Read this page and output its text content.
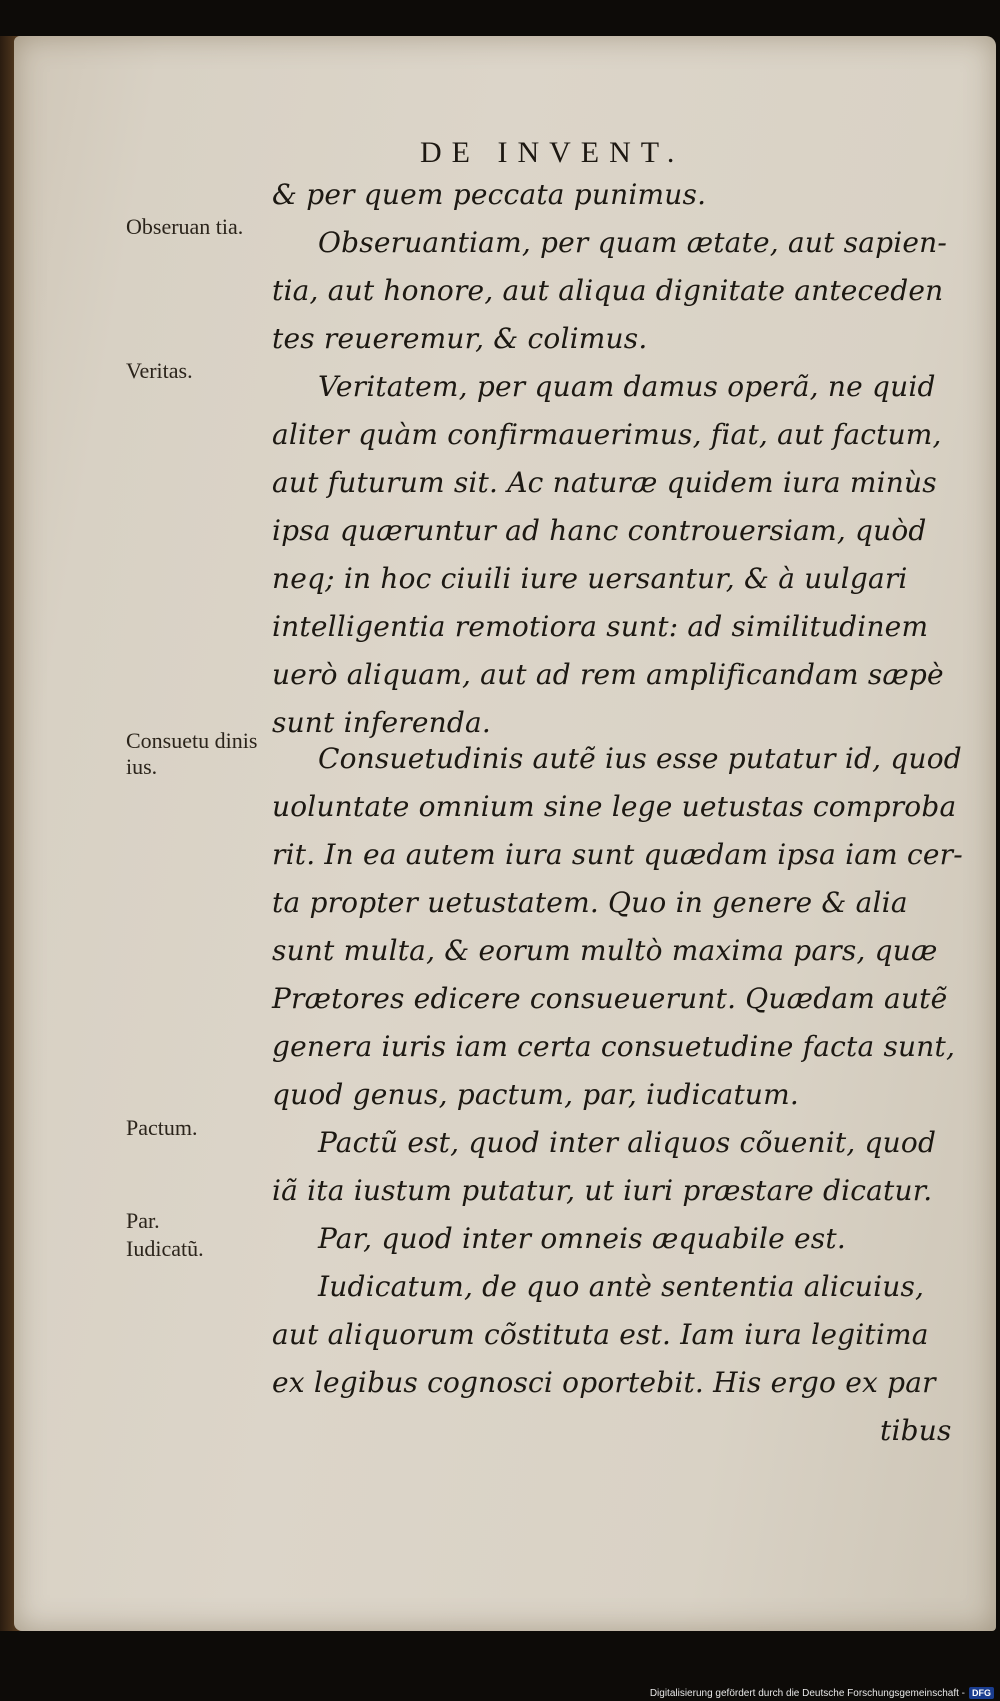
DE INVENT.
Obseruan tia.
Veritas.
Consuetu dinis ius.
Pactum.
Par.
Iudicatũ.
& per quem peccata punimus.
Obseruantiam, per quam ætate, aut sapien-
tia, aut honore, aut aliqua dignitate anteceden
tes reueremur, & colimus.
Veritatem, per quam damus operã, ne quid
aliter quàm confirmauerimus, fiat, aut factum,
aut futurum sit. Ac naturæ quidem iura minùs
ipsa quæruntur ad hanc controuersiam, quòd
neq; in hoc ciuili iure uersantur, & à uulgari
intelligentia remotiora sunt: ad similitudinem
uerò aliquam, aut ad rem amplificandam sæpè
sunt inferenda.
Consuetudinis autẽ ius esse putatur id, quod
uoluntate omnium sine lege uetustas comproba
rit. In ea autem iura sunt quædam ipsa iam cer-
ta propter uetustatem. Quo in genere & alia
sunt multa, & eorum multò maxima pars, quæ
Prætores edicere consueuerunt. Quædam autẽ
genera iuris iam certa consuetudine facta sunt,
quod genus, pactum, par, iudicatum.
Pactũ est, quod inter aliquos cõuenit, quod
iã ita iustum putatur, ut iuri præstare dicatur.
Par, quod inter omneis æquabile est.
Iudicatum, de quo antè sententia alicuius,
aut aliquorum cõstituta est. Iam iura legitima
ex legibus cognosci oportebit. His ergo ex par
tibus
Digitalisierung gefördert durch die Deutsche Forschungsgemeinschaft - DFG
